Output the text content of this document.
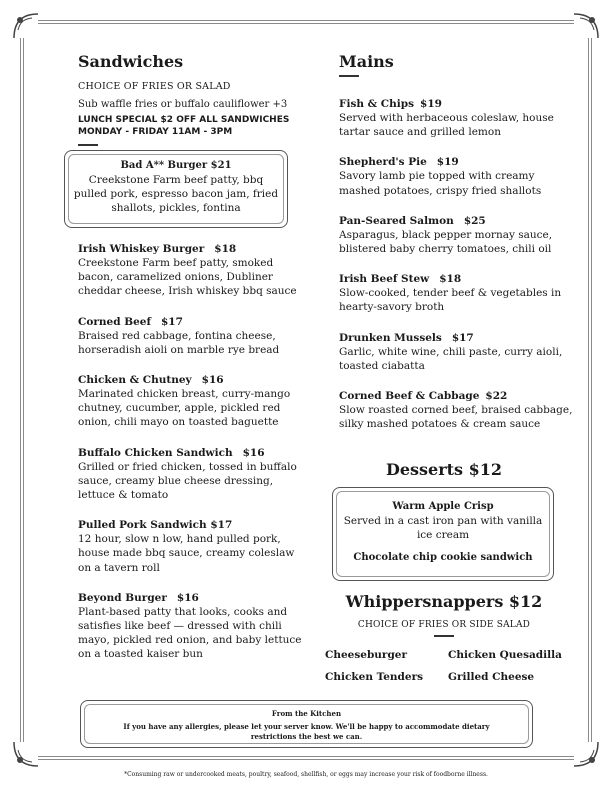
Sandwiches
CHOICE OF FRIES OR SALAD
Sub waffle fries or buffalo cauliflower +3
LUNCH SPECIAL $2 OFF ALL SANDWICHES
MONDAY - FRIDAY 11AM - 3PM
Bad A** Burger $21
Creekstone Farm beef patty, bbq pulled pork, espresso bacon jam, fried shallots, pickles, fontina
Irish Whiskey Burger $18
Creekstone Farm beef patty, smoked bacon, caramelized onions, Dubliner cheddar cheese, Irish whiskey bbq sauce
Corned Beef $17
Braised red cabbage, fontina cheese, horseradish aioli on marble rye bread
Chicken & Chutney $16
Marinated chicken breast, curry-mango chutney, cucumber, apple, pickled red onion, chili mayo on toasted baguette
Buffalo Chicken Sandwich $16
Grilled or fried chicken, tossed in buffalo sauce, creamy blue cheese dressing, lettuce & tomato
Pulled Pork Sandwich $17
12 hour, slow n low, hand pulled pork, house made bbq sauce, creamy coleslaw on a tavern roll
Beyond Burger $16
Plant-based patty that looks, cooks and satisfies like beef — dressed with chili mayo, pickled red onion, and baby lettuce on a toasted kaiser bun
Mains
Fish & Chips $19
Served with herbaceous coleslaw, house tartar sauce and grilled lemon
Shepherd's Pie $19
Savory lamb pie topped with creamy mashed potatoes, crispy fried shallots
Pan-Seared Salmon $25
Asparagus, black pepper mornay sauce, blistered baby cherry tomatoes, chili oil
Irish Beef Stew $18
Slow-cooked, tender beef & vegetables in hearty-savory broth
Drunken Mussels $17
Garlic, white wine, chili paste, curry aioli, toasted ciabatta
Corned Beef & Cabbage $22
Slow roasted corned beef, braised cabbage, silky mashed potatoes & cream sauce
Desserts $12
Warm Apple Crisp
Served in a cast iron pan with vanilla ice cream
Chocolate chip cookie sandwich
Whippersnappers $12
CHOICE OF FRIES OR SIDE SALAD
Cheeseburger	Chicken Quesadilla
Chicken Tenders Grilled Cheese
From the Kitchen
If you have any allergies, please let your server know. We'll be happy to accommodate dietary restrictions the best we can.
*Consuming raw or undercooked meats, poultry, seafood, shellfish, or eggs may increase your risk of foodborne illness.
